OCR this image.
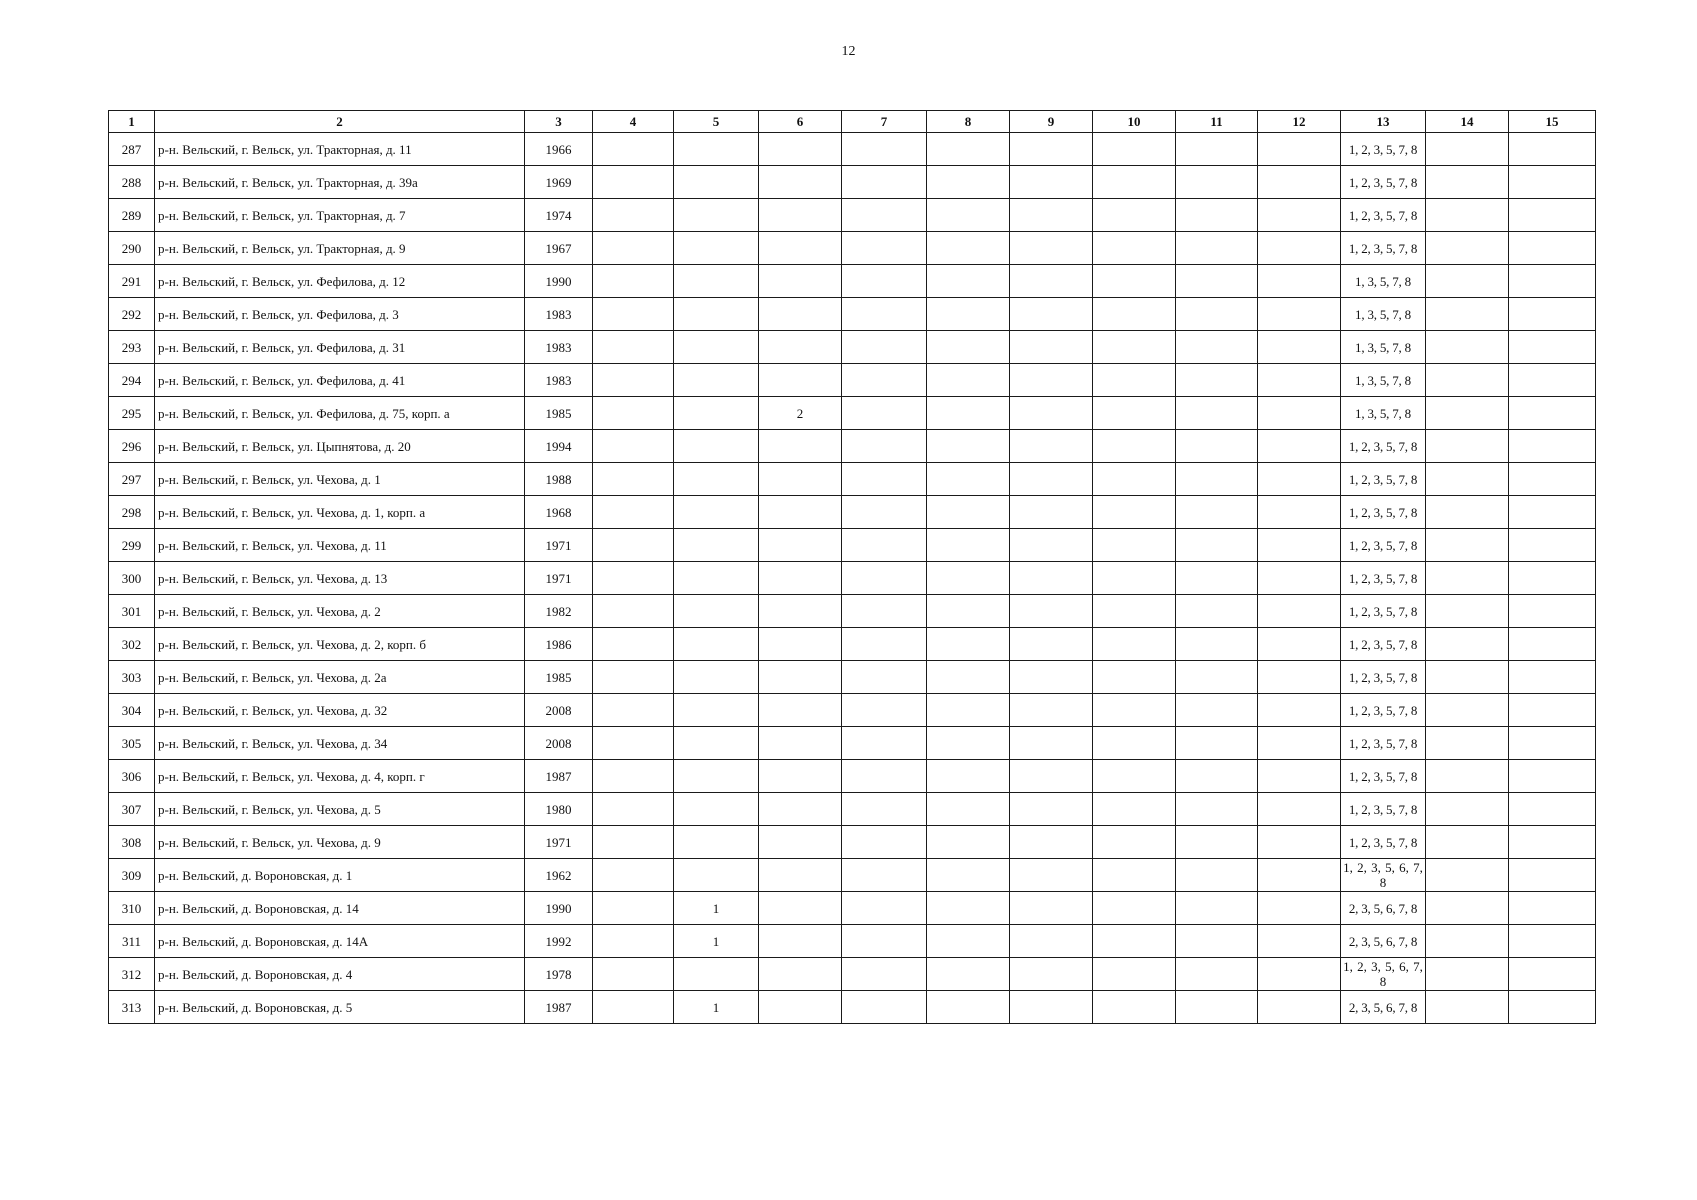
12
1	2	3	4	5	6	7	8	9	10	11	12	13	14	15
287	р-н. Вельский, г. Вельск, ул. Тракторная, д. 11	1966										1, 2, 3, 5, 7, 8		
288	р-н. Вельский, г. Вельск, ул. Тракторная, д. 39а	1969										1, 2, 3, 5, 7, 8		
289	р-н. Вельский, г. Вельск, ул. Тракторная, д. 7	1974										1, 2, 3, 5, 7, 8		
290	р-н. Вельский, г. Вельск, ул. Тракторная, д. 9	1967										1, 2, 3, 5, 7, 8		
291	р-н. Вельский, г. Вельск, ул. Фефилова, д. 12	1990										1, 3, 5, 7, 8		
292	р-н. Вельский, г. Вельск, ул. Фефилова, д. 3	1983										1, 3, 5, 7, 8		
293	р-н. Вельский, г. Вельск, ул. Фефилова, д. 31	1983										1, 3, 5, 7, 8		
294	р-н. Вельский, г. Вельск, ул. Фефилова, д. 41	1983										1, 3, 5, 7, 8		
295	р-н. Вельский, г. Вельск, ул. Фефилова, д. 75, корп. а	1985			2							1, 3, 5, 7, 8		
296	р-н. Вельский, г. Вельск, ул. Цыпнятова, д. 20	1994										1, 2, 3, 5, 7, 8		
297	р-н. Вельский, г. Вельск, ул. Чехова, д. 1	1988										1, 2, 3, 5, 7, 8		
298	р-н. Вельский, г. Вельск, ул. Чехова, д. 1, корп. а	1968										1, 2, 3, 5, 7, 8		
299	р-н. Вельский, г. Вельск, ул. Чехова, д. 11	1971										1, 2, 3, 5, 7, 8		
300	р-н. Вельский, г. Вельск, ул. Чехова, д. 13	1971										1, 2, 3, 5, 7, 8		
301	р-н. Вельский, г. Вельск, ул. Чехова, д. 2	1982										1, 2, 3, 5, 7, 8		
302	р-н. Вельский, г. Вельск, ул. Чехова, д. 2, корп. б	1986										1, 2, 3, 5, 7, 8		
303	р-н. Вельский, г. Вельск, ул. Чехова, д. 2а	1985										1, 2, 3, 5, 7, 8		
304	р-н. Вельский, г. Вельск, ул. Чехова, д. 32	2008										1, 2, 3, 5, 7, 8		
305	р-н. Вельский, г. Вельск, ул. Чехова, д. 34	2008										1, 2, 3, 5, 7, 8		
306	р-н. Вельский, г. Вельск, ул. Чехова, д. 4, корп. г	1987										1, 2, 3, 5, 7, 8		
307	р-н. Вельский, г. Вельск, ул. Чехова, д. 5	1980										1, 2, 3, 5, 7, 8		
308	р-н. Вельский, г. Вельск, ул. Чехова, д. 9	1971										1, 2, 3, 5, 7, 8		
309	р-н. Вельский, д. Вороновская, д. 1	1962										1, 2, 3, 5, 6, 7, 8		
310	р-н. Вельский, д. Вороновская, д. 14	1990		1								2, 3, 5, 6, 7, 8		
311	р-н. Вельский, д. Вороновская, д. 14А	1992		1								2, 3, 5, 6, 7, 8		
312	р-н. Вельский, д. Вороновская, д. 4	1978										1, 2, 3, 5, 6, 7, 8		
313	р-н. Вельский, д. Вороновская, д. 5	1987		1								2, 3, 5, 6, 7, 8		
